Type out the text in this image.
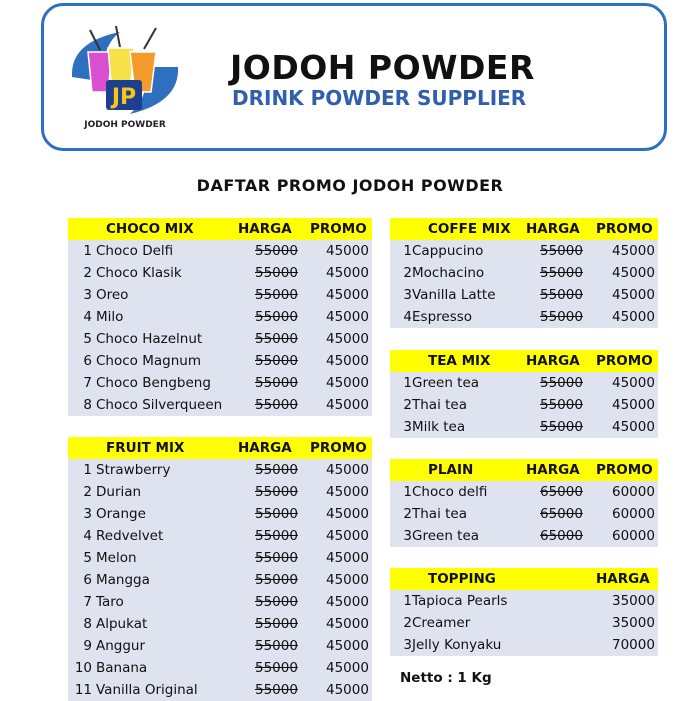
JP
JODOH POWDER
JODOH POWDER
DRINK POWDER SUPPLIER
DAFTAR PROMO JODOH POWDER
CHOCO MIX	HARGA PROMO
1 Choco Delfi	55000 45000
2 Choco Klasik	55000 45000
3 Oreo	55000 45000
4 Milo	55000 45000
5 Choco Hazelnut	55000 45000
6 Choco Magnum	55000 45000
7 Choco Bengbeng	55000 45000
8 Choco Silverqueen 55000 45000
FRUIT MIX	HARGA PROMO
1 Strawberry	55000 45000
2 Durian	55000 45000
3 Orange	55000 45000
4 Redvelvet	55000 45000
5 Melon	55000 45000
6 Mangga	55000 45000
7 Taro	55000 45000
8 Alpukat	55000 45000
9 Anggur	55000 45000
10 Banana	55000 45000
11 Vanilla Original	55000 45000
COFFE MIX HARGA PROMO
1 Cappucino	55000 45000
2 Mochacino	55000 45000
3 Vanilla Latte	55000 45000
4 Espresso	55000 45000
TEA MIX	HARGA PROMO
1 Green tea	55000 45000
2 Thai tea	55000 45000
3 Milk tea	55000 45000
PLAIN	HARGA PROMO
1 Choco delfi	65000 60000
2 Thai tea	65000 60000
3 Green tea	65000 60000
TOPPING	HARGA
1 Tapioca Pearls	35000
2 Creamer	35000
3 Jelly Konyaku	70000
Netto : 1 Kg
